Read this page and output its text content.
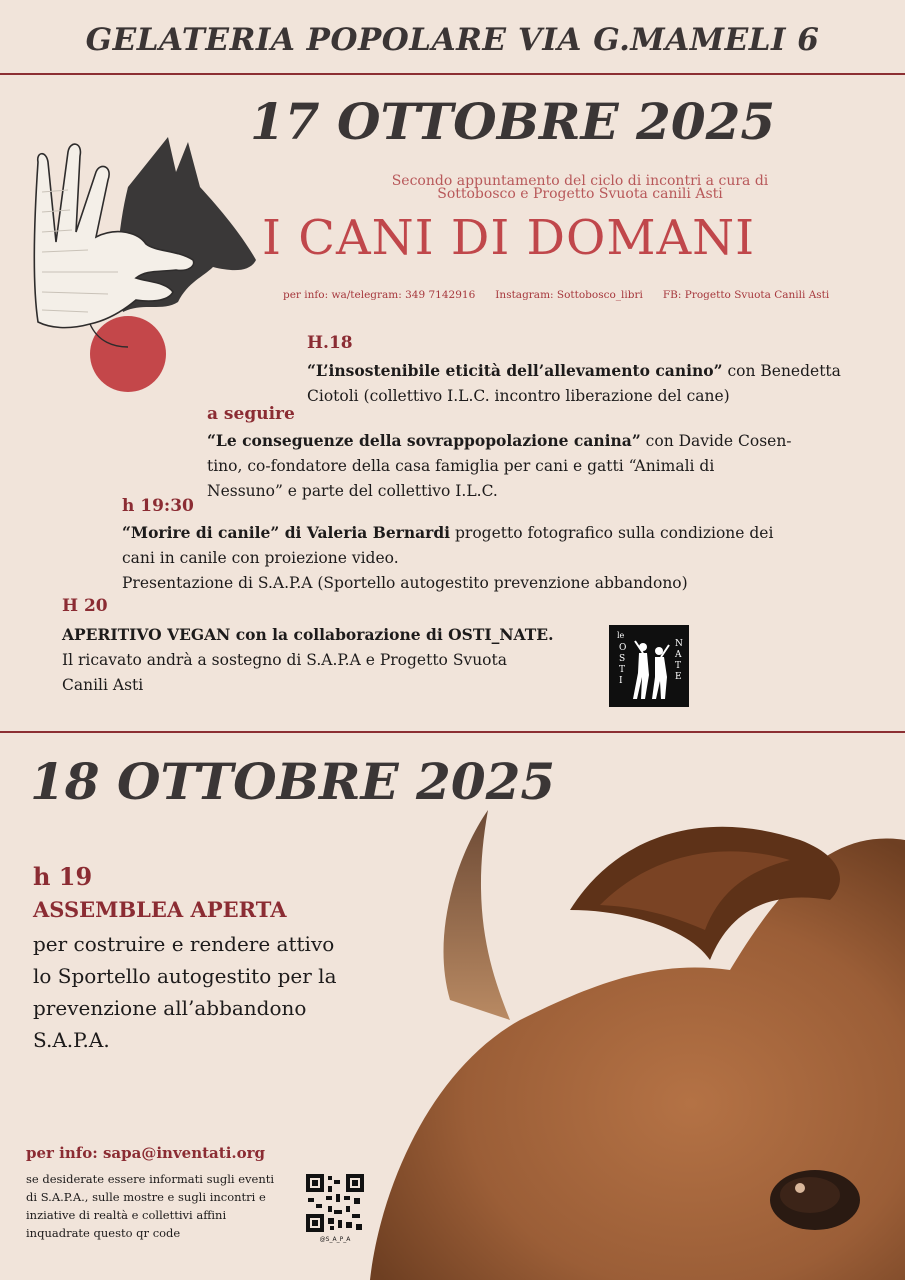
GELATERIA POPOLARE VIA G.MAMELI 6
17 OTTOBRE 2025
Secondo appuntamento del ciclo di incontri a cura di
Sottobosco e Progetto Svuota canili Asti
I CANI DI DOMANI
per info: wa/telegram: 349 7142916      Instagram: Sottobosco_libri      FB: Progetto Svuota Canili Asti
H.18
“L’insostenibile eticità dell’allevamento canino” con Benedetta
Ciotoli (collettivo I.L.C. incontro liberazione del cane)
a seguire
“Le conseguenze della sovrappopolazione canina” con Davide Cosen-
tino, co-fondatore della casa famiglia per cani e gatti “Animali di
Nessuno” e parte del collettivo I.L.C.
h 19:30
“Morire di canile” di Valeria Bernardi progetto fotografico sulla condizione dei
cani in canile con proiezione video.
Presentazione di S.A.P.A (Sportello autogestito prevenzione abbandono)
H 20
APERITIVO VEGAN con la collaborazione di OSTI_NATE.
Il ricavato andrà a sostegno di S.A.P.A e Progetto Svuota
Canili Asti
le
OSTI
NATE
18 OTTOBRE 2025
h 19
ASSEMBLEA APERTA
per costruire e rendere attivo
lo Sportello autogestito per la
prevenzione all’abbandono
S.A.P.A.
per info: sapa@inventati.org
se desiderate essere informati sugli eventi
di S.A.P.A., sulle mostre e sugli incontri e
inziative di realtà e collettivi affini
inquadrate questo qr code	@S_A_P_A
